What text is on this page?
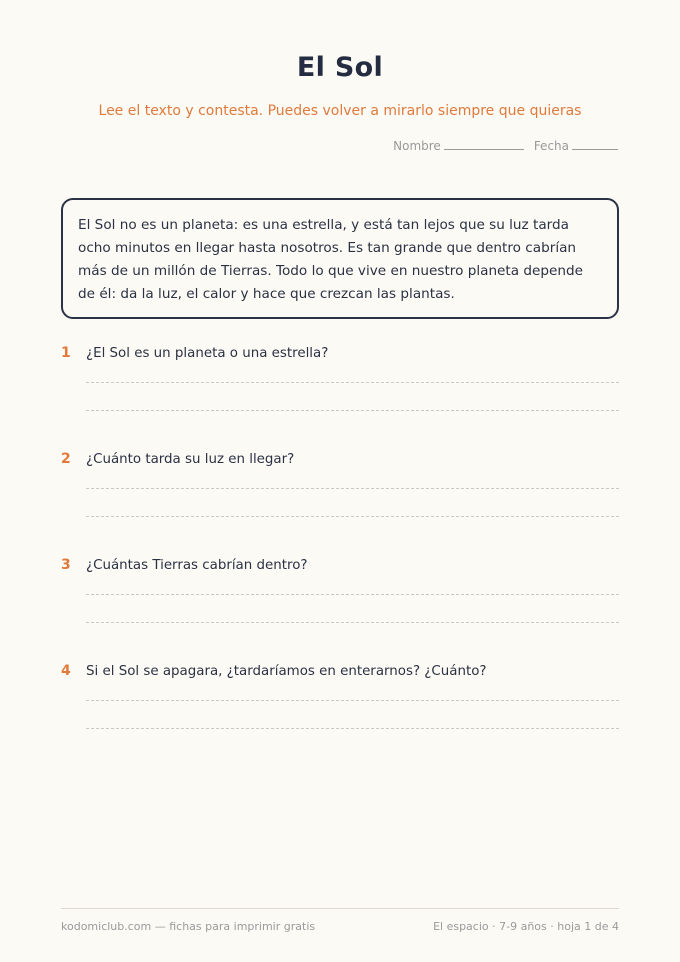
El Sol

Lee el texto y contesta. Puedes volver a mirarlo siempre que quieras

Nombre	Fecha

El Sol no es un planeta: es una estrella, y está tan lejos que su luz tarda ocho minutos en llegar hasta nosotros. Es tan grande que dentro cabrían más de un millón de Tierras. Todo lo que vive en nuestro planeta depende de él: da la luz, el calor y hace que crezcan las plantas.

1	¿El Sol es un planeta o una estrella?
2	¿Cuánto tarda su luz en llegar?
3	¿Cuántas Tierras cabrían dentro?
4	Si el Sol se apagara, ¿tardaríamos en enterarnos? ¿Cuánto?
kodomiclub.com — fichas para imprimir gratis	El espacio · 7-9 años · hoja 1 de 4
